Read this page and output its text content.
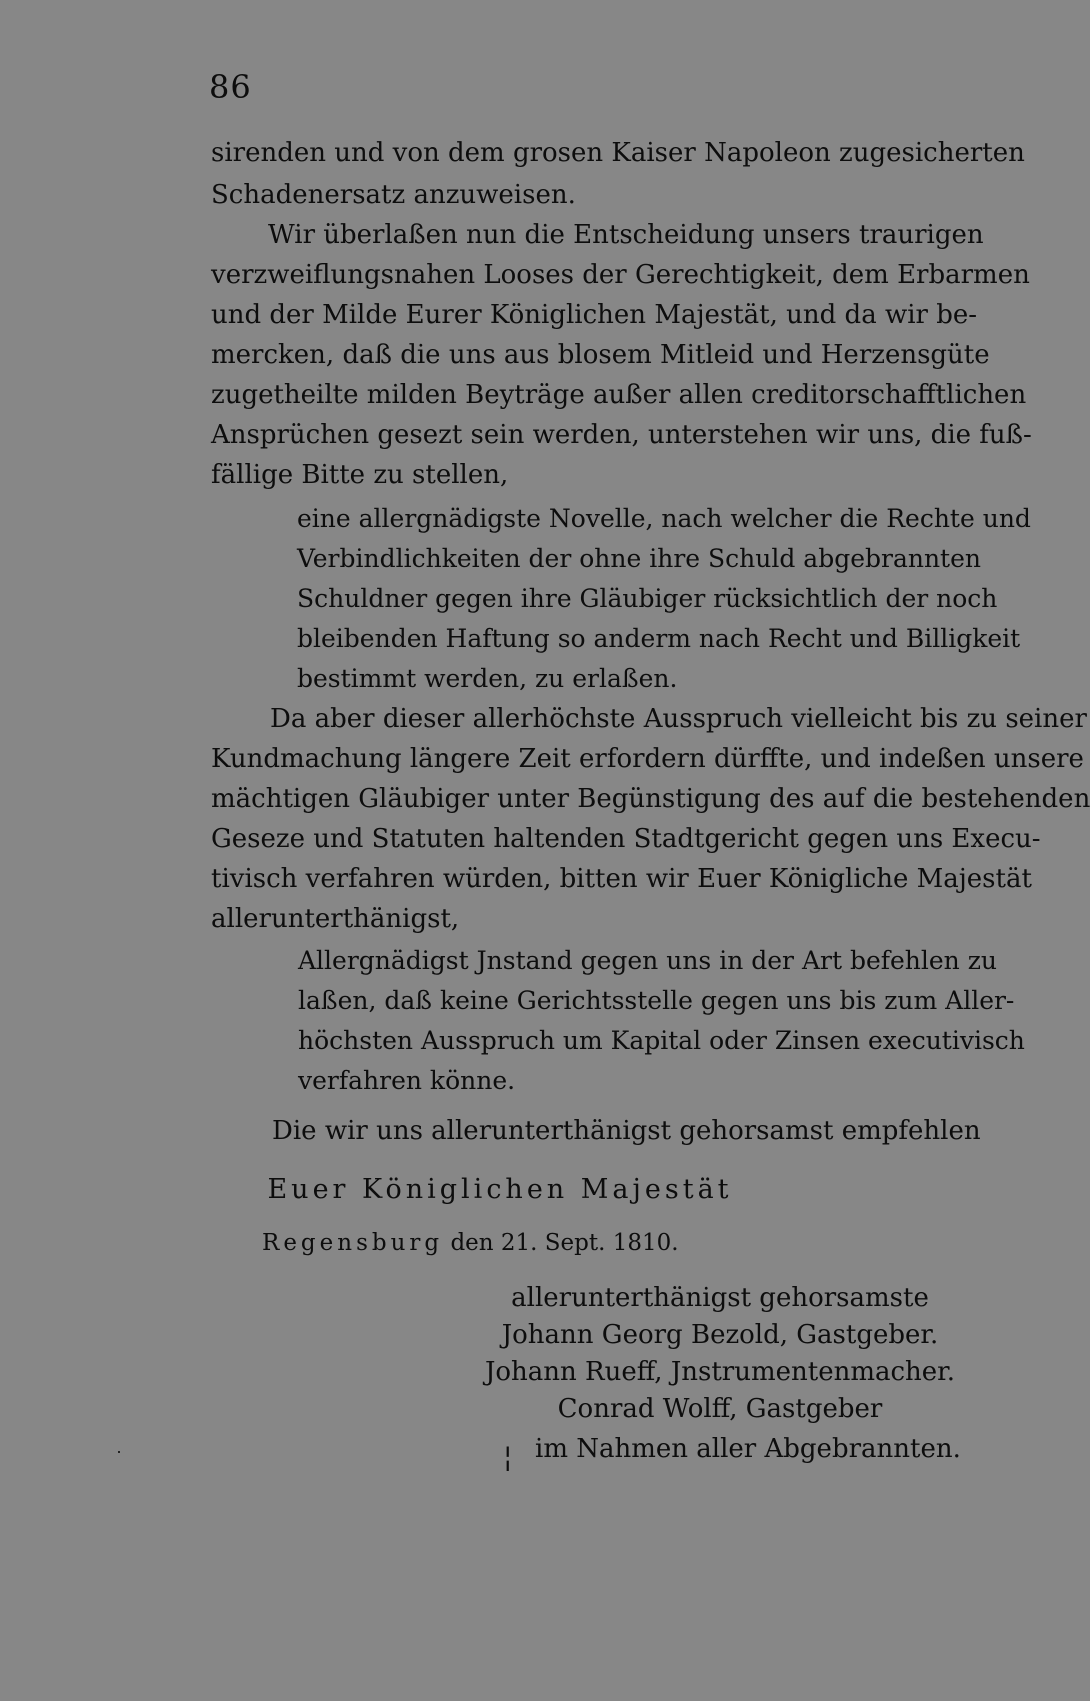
86
sirenden und von dem grosen Kaiser Napoleon zugesicherten
Schadenersatz anzuweisen.
Wir überlaßen nun die Entscheidung unsers traurigen
verzweiflungsnahen Looses der Gerechtigkeit, dem Erbarmen
und der Milde Eurer Königlichen Majestät, und da wir be-
mercken, daß die uns aus blosem Mitleid und Herzensgüte
zugetheilte milden Beyträge außer allen creditorschafftlichen
Ansprüchen gesezt sein werden, unterstehen wir uns, die fuß-
fällige Bitte zu stellen,
eine allergnädigste Novelle, nach welcher die Rechte und
Verbindlichkeiten der ohne ihre Schuld abgebrannten
Schuldner gegen ihre Gläubiger rücksichtlich der noch
bleibenden Haftung so anderm nach Recht und Billigkeit
bestimmt werden, zu erlaßen.
Da aber dieser allerhöchste Ausspruch vielleicht bis zu seiner
Kundmachung längere Zeit erfordern dürffte, und indeßen unsere
mächtigen Gläubiger unter Begünstigung des auf die bestehenden
Geseze und Statuten haltenden Stadtgericht gegen uns Execu-
tivisch verfahren würden, bitten wir Euer Königliche Majestät
allerunterthänigst,
Allergnädigst Jnstand gegen uns in der Art befehlen zu
laßen, daß keine Gerichtsstelle gegen uns bis zum Aller-
höchsten Ausspruch um Kapital oder Zinsen executivisch
verfahren könne.
Die wir uns allerunterthänigst gehorsamst empfehlen
Euer Königlichen Majestät
Regensburg den 21. Sept. 1810.
allerunterthänigst gehorsamste
Johann Georg Bezold, Gastgeber.
Johann Rueff, Jnstrumentenmacher.
Conrad Wolff, Gastgeber
¦ im Nahmen aller Abgebrannten.
